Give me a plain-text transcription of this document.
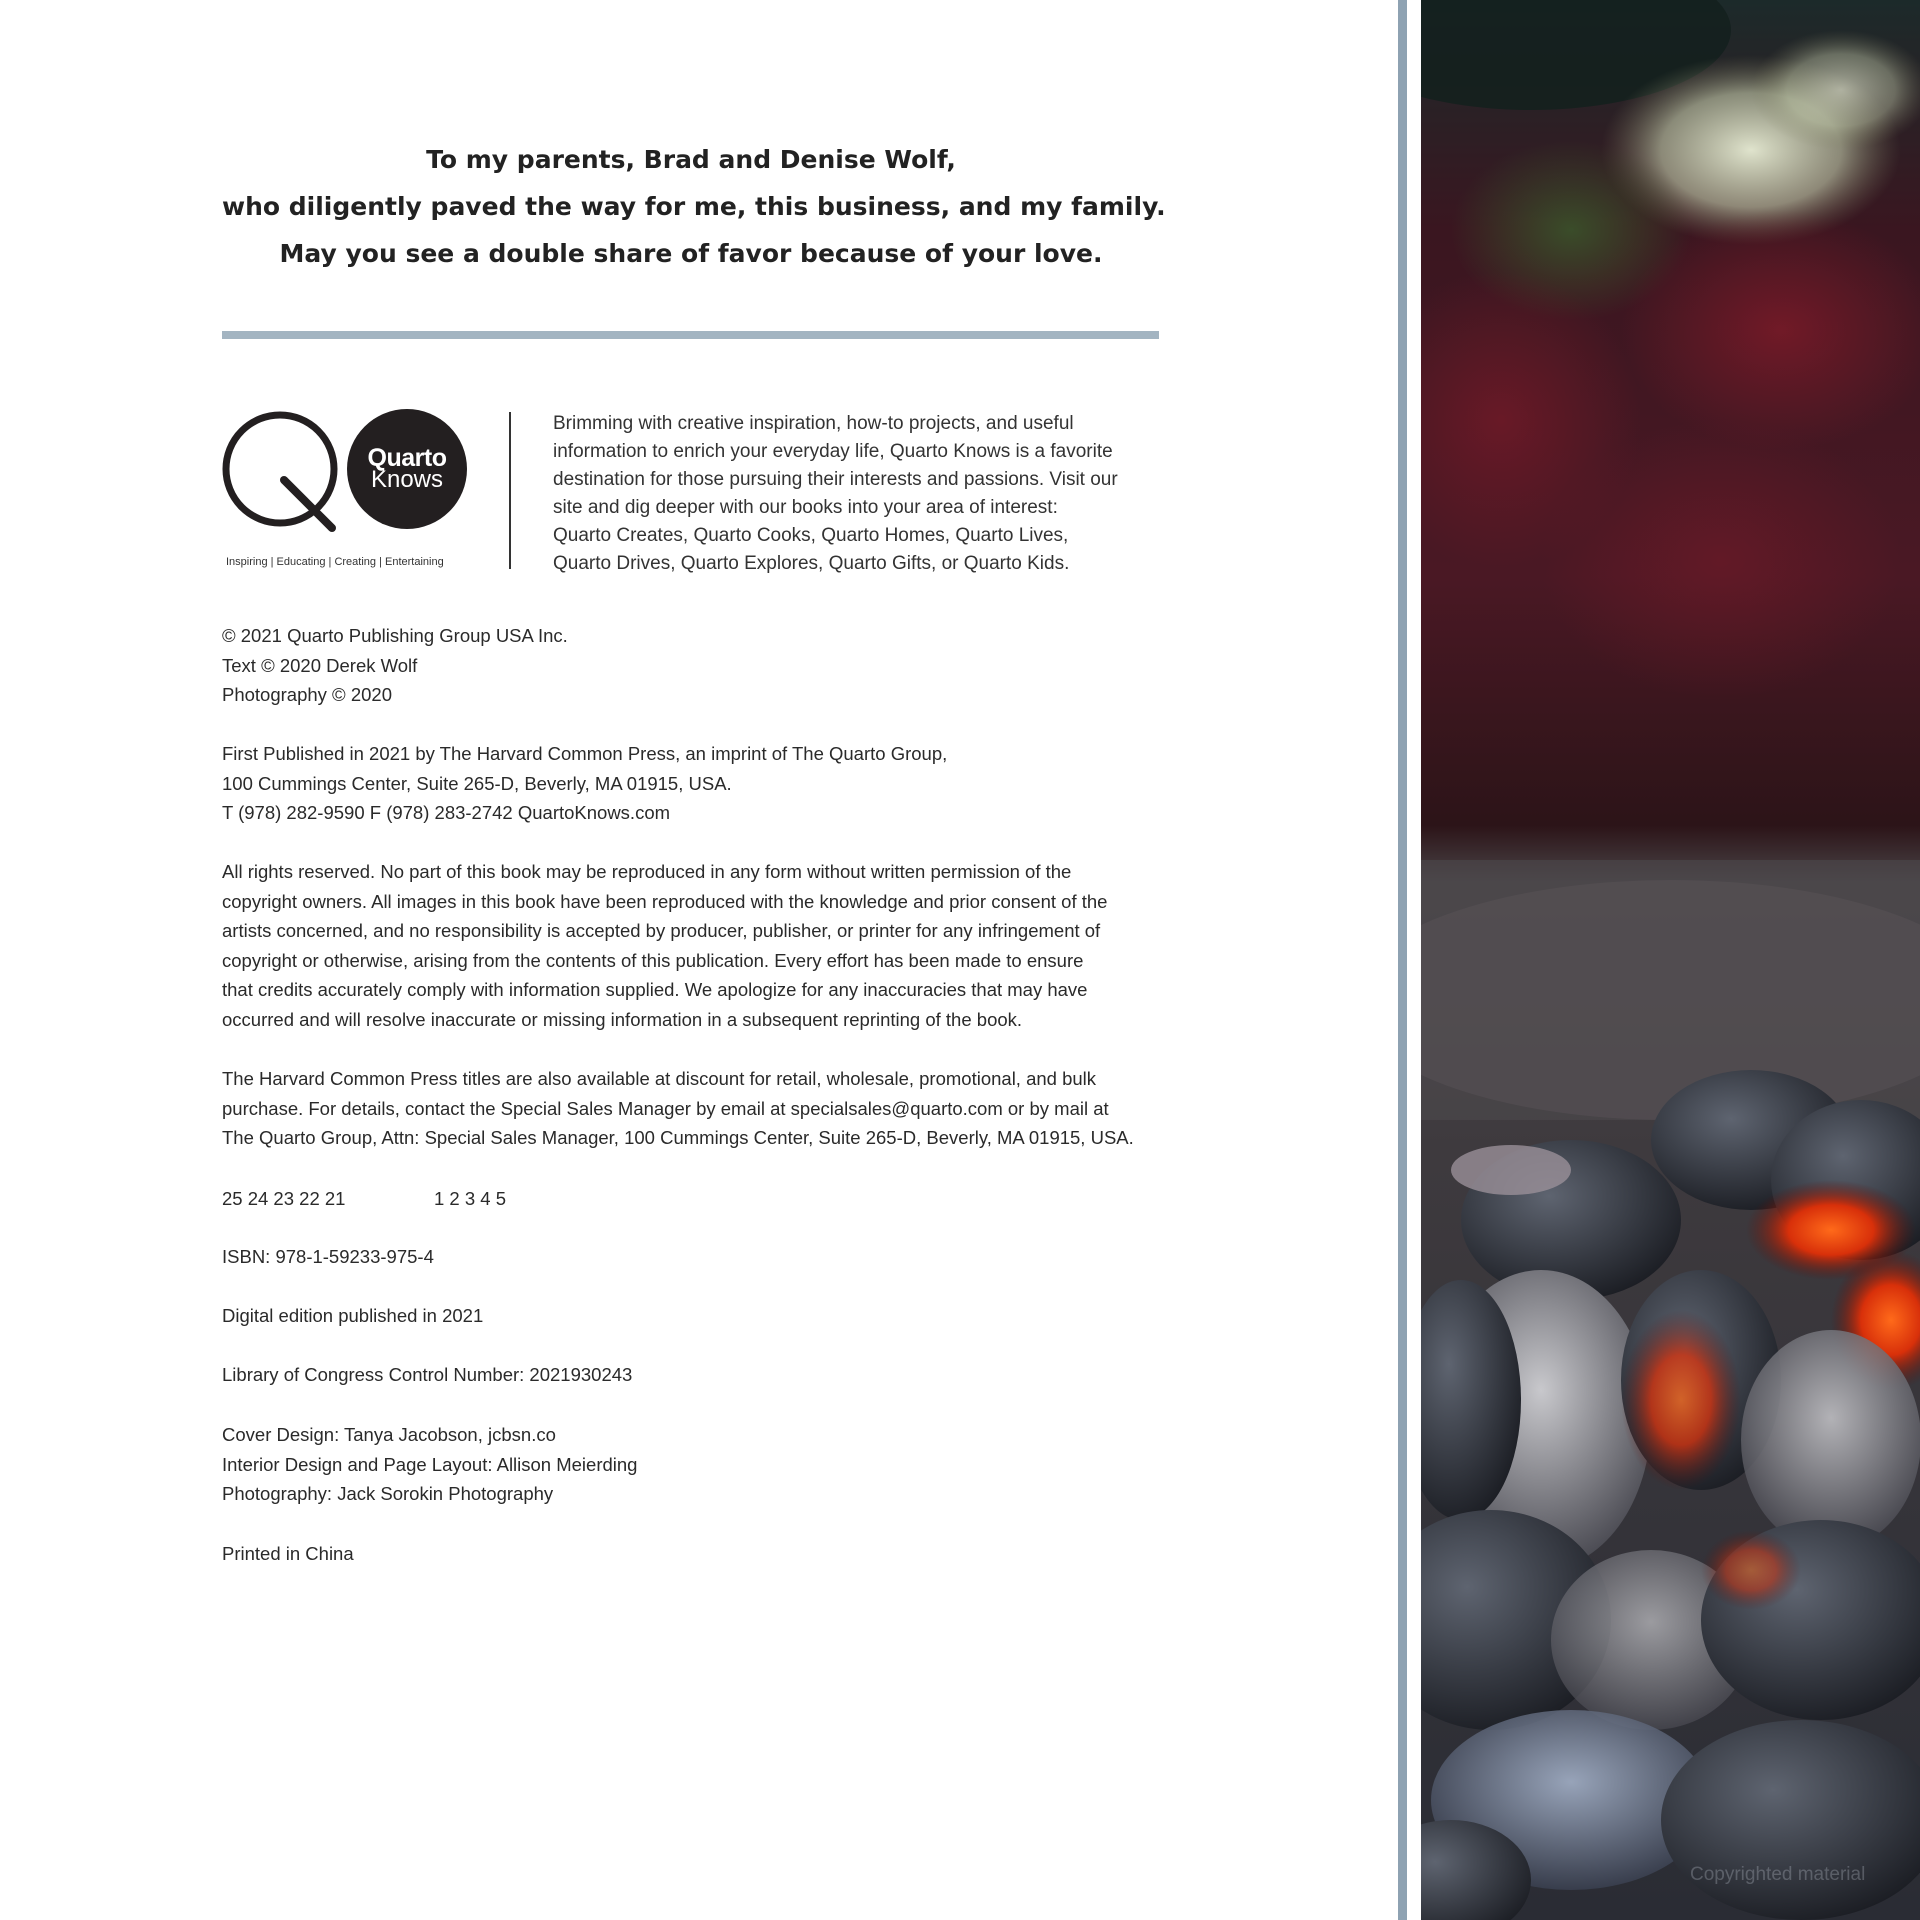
To my parents, Brad and Denise Wolf,
who diligently paved the way for me, this business, and my family.
May you see a double share of favor because of your love.
Quarto
Knows
Inspiring | Educating | Creating | Entertaining
Brimming with creative inspiration, how-to projects, and useful
information to enrich your everyday life, Quarto Knows is a favorite
destination for those pursuing their interests and passions. Visit our
site and dig deeper with our books into your area of interest:
Quarto Creates, Quarto Cooks, Quarto Homes, Quarto Lives,
Quarto Drives, Quarto Explores, Quarto Gifts, or Quarto Kids.
© 2021 Quarto Publishing Group USA Inc.
Text © 2020 Derek Wolf
Photography © 2020
First Published in 2021 by The Harvard Common Press, an imprint of The Quarto Group,
100 Cummings Center, Suite 265-D, Beverly, MA 01915, USA.
T (978) 282-9590 F (978) 283-2742 QuartoKnows.com
All rights reserved. No part of this book may be reproduced in any form without written permission of the
copyright owners. All images in this book have been reproduced with the knowledge and prior consent of the
artists concerned, and no responsibility is accepted by producer, publisher, or printer for any infringement of
copyright or otherwise, arising from the contents of this publication. Every effort has been made to ensure
that credits accurately comply with information supplied. We apologize for any inaccuracies that may have
occurred and will resolve inaccurate or missing information in a subsequent reprinting of the book.
The Harvard Common Press titles are also available at discount for retail, wholesale, promotional, and bulk
purchase. For details, contact the Special Sales Manager by email at specialsales@quarto.com or by mail at
The Quarto Group, Attn: Special Sales Manager, 100 Cummings Center, Suite 265-D, Beverly, MA 01915, USA.
25 24 23 22 21	1 2 3 4 5
ISBN: 978-1-59233-975-4
Digital edition published in 2021
Library of Congress Control Number: 2021930243
Cover Design: Tanya Jacobson, jcbsn.co
Interior Design and Page Layout: Allison Meierding
Photography: Jack Sorokin Photography
Printed in China
Copyrighted material
